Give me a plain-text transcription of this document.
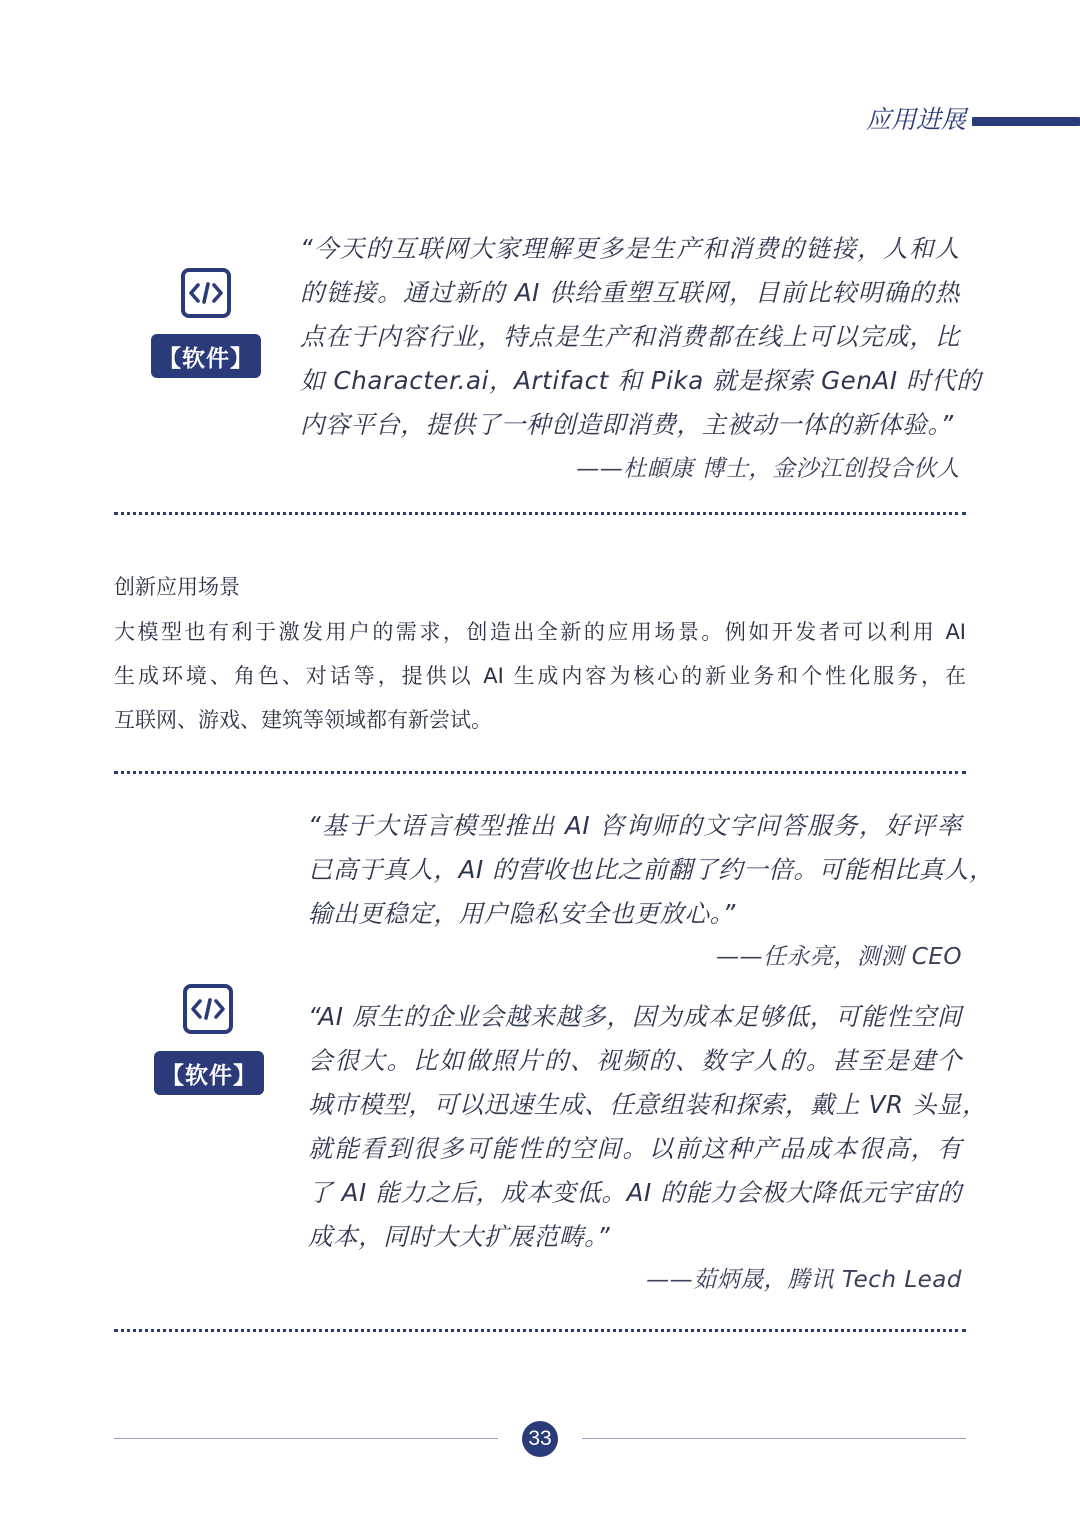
应用进展
【软件】
“今天的互联网大家理解更多是生产和消费的链接，人和人
的链接。通过新的 AI 供给重塑互联网，目前比较明确的热
点在于内容行业，特点是生产和消费都在线上可以完成，比
如 Character.ai，Artifact 和 Pika 就是探索 GenAI 时代的
内容平台，提供了一种创造即消费，主被动一体的新体验。”
——杜頔康 博士，金沙江创投合伙人
创新应用场景
大模型也有利于激发用户的需求，创造出全新的应用场景。例如开发者可以利用 AI
生成环境、角色、对话等，提供以 AI 生成内容为核心的新业务和个性化服务，在
互联网、游戏、建筑等领域都有新尝试。
“基于大语言模型推出 AI 咨询师的文字问答服务，好评率
已高于真人，AI 的营收也比之前翻了约一倍。可能相比真人，
输出更稳定，用户隐私安全也更放心。”
——任永亮，测测 CEO
【软件】
“AI 原生的企业会越来越多，因为成本足够低，可能性空间
会很大。比如做照片的、视频的、数字人的。甚至是建个
城市模型，可以迅速生成、任意组装和探索，戴上 VR 头显，
就能看到很多可能性的空间。以前这种产品成本很高，有
了 AI 能力之后，成本变低。AI 的能力会极大降低元宇宙的
成本，同时大大扩展范畴。”
——茹炳晟，腾讯 Tech Lead
33
